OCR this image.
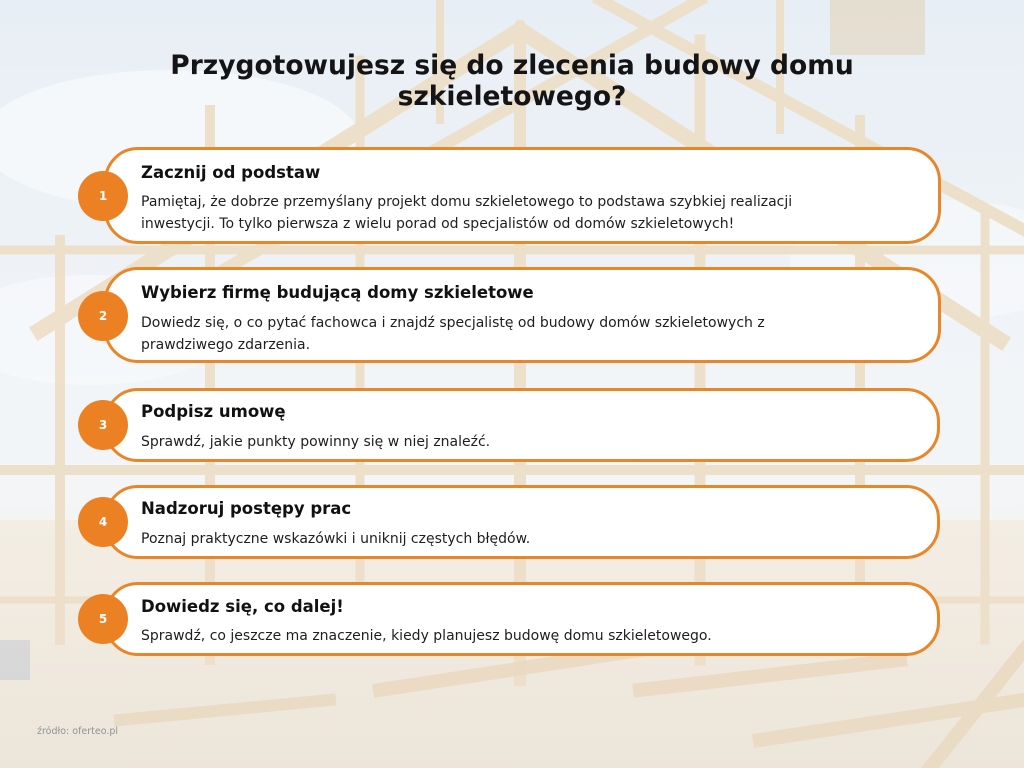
Przygotowujesz się do zlecenia budowy domu szkieletowego?
Zacznij od podstaw

Pamiętaj, że dobrze przemyślany projekt domu szkieletowego to podstawa szybkiej realizacji inwestycji. To tylko pierwsza z wielu porad od specjalistów od domów szkieletowych!

1
Wybierz firmę budującą domy szkieletowe

Dowiedz się, o co pytać fachowca i znajdź specjalistę od budowy domów szkieletowych z prawdziwego zdarzenia.

2
Podpisz umowę

Sprawdź, jakie punkty powinny się w niej znaleźć.

3
Nadzoruj postępy prac

Poznaj praktyczne wskazówki i uniknij częstych błędów.

4
Dowiedz się, co dalej!

Sprawdź, co jeszcze ma znaczenie, kiedy planujesz budowę domu szkieletowego.

5
źródło: oferteo.pl
